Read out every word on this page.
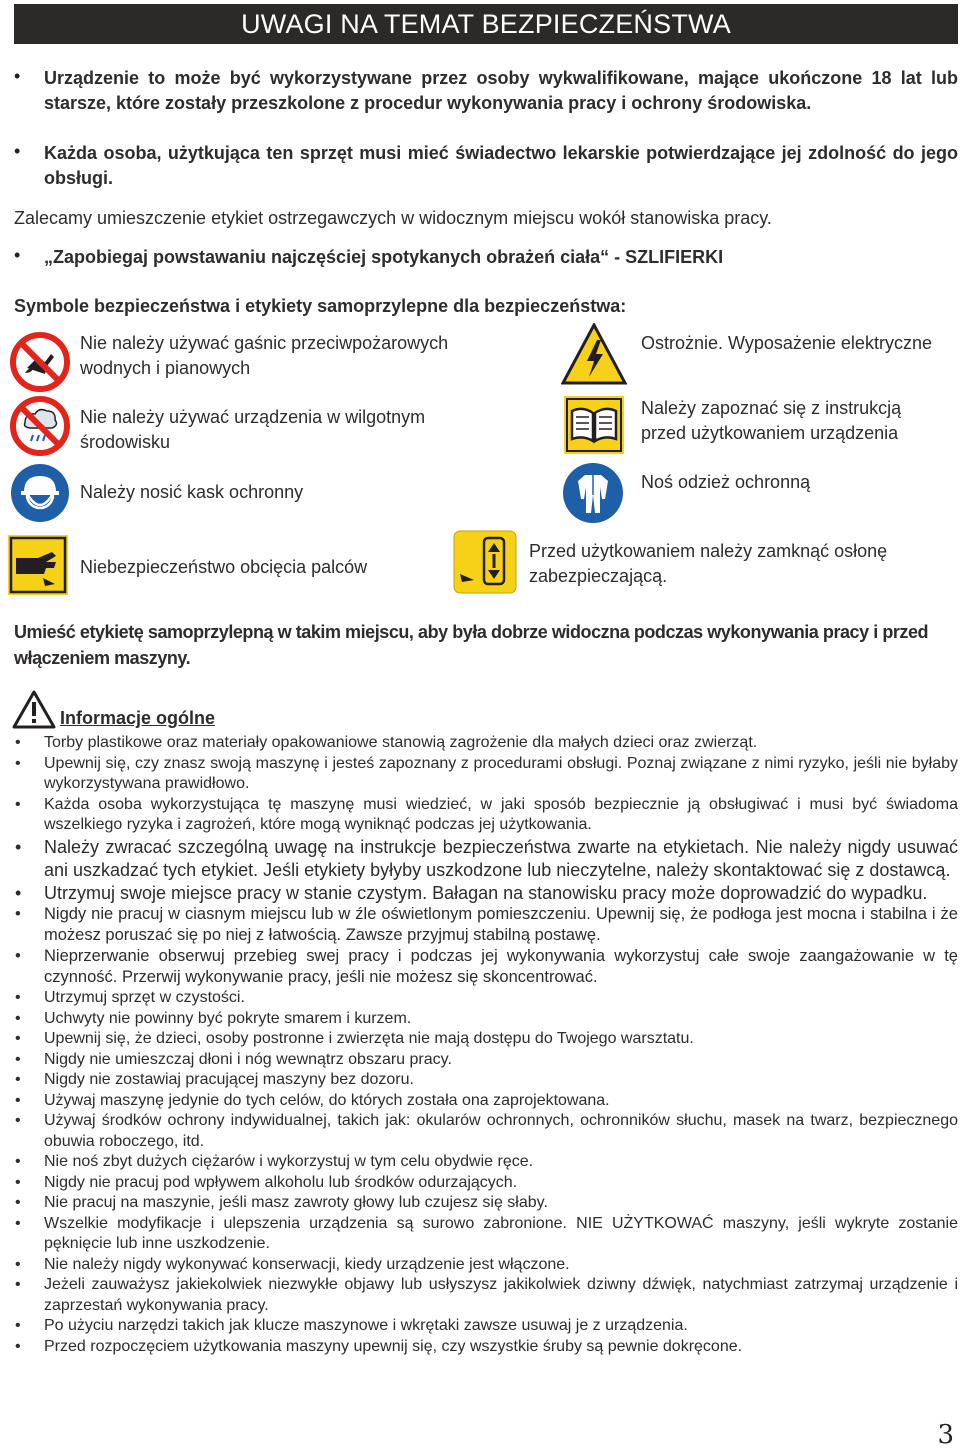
UWAGI NA TEMAT BEZPIECZEŃSTWA
• Urządzenie to może być wykorzystywane przez osoby wykwalifikowane, mające ukończone 18 lat lub starsze, które zostały przeszkolone z procedur wykonywania pracy i ochrony środowiska.
• Każda osoba, użytkująca ten sprzęt musi mieć świadectwo lekarskie potwierdzające jej zdolność do jego obsługi.
Zalecamy umieszczenie etykiet ostrzegawczych w widocznym miejscu wokół stanowiska pracy.
• „Zapobiegaj powstawaniu najczęściej spotykanych obrażeń ciała“ - SZLIFIERKI
Symbole bezpieczeństwa i etykiety samoprzylepne dla bezpieczeństwa:
Nie należy używać gaśnic przeciwpożarowych wodnych i pianowych
Nie należy używać urządzenia w wilgotnym środowisku
Należy nosić kask ochronny
Niebezpieczeństwo obcięcia palców
Ostrożnie. Wyposażenie elektryczne
Należy zapoznać się z instrukcją przed użytkowaniem urządzenia
Noś odzież ochronną
Przed użytkowaniem należy zamknąć osłonę zabezpieczającą.
Umieść etykietę samoprzylepną w takim miejscu, aby była dobrze widoczna podczas wykonywania pracy i przed włączeniem maszyny.
Informacje ogólne
• Torby plastikowe oraz materiały opakowaniowe stanowią zagrożenie dla małych dzieci oraz zwierząt.
• Upewnij się, czy znasz swoją maszynę i jesteś zapoznany z procedurami obsługi. Poznaj związane z nimi ryzyko, jeśli nie byłaby wykorzystywana prawidłowo.
• Każda osoba wykorzystująca tę maszynę musi wiedzieć, w jaki sposób bezpiecznie ją obsługiwać i musi być świadoma wszelkiego ryzyka i zagrożeń, które mogą wyniknąć podczas jej użytkowania.
• Należy zwracać szczególną uwagę na instrukcje bezpieczeństwa zwarte na etykietach. Nie należy nigdy usuwać ani uszkadzać tych etykiet. Jeśli etykiety byłyby uszkodzone lub nieczytelne, należy skontaktować się z dostawcą.
• Utrzymuj swoje miejsce pracy w stanie czystym. Bałagan na stanowisku pracy może doprowadzić do wypadku.
• Nigdy nie pracuj w ciasnym miejscu lub w źle oświetlonym pomieszczeniu. Upewnij się, że podłoga jest mocna i stabilna i że możesz poruszać się po niej z łatwością. Zawsze przyjmuj stabilną postawę.
• Nieprzerwanie obserwuj przebieg swej pracy i podczas jej wykonywania wykorzystuj całe swoje zaangażowanie w tę czynność. Przerwij wykonywanie pracy, jeśli nie możesz się skoncentrować.
• Utrzymuj sprzęt w czystości.
• Uchwyty nie powinny być pokryte smarem i kurzem.
• Upewnij się, że dzieci, osoby postronne i zwierzęta nie mają dostępu do Twojego warsztatu.
• Nigdy nie umieszczaj dłoni i nóg wewnątrz obszaru pracy.
• Nigdy nie zostawiaj pracującej maszyny bez dozoru.
• Używaj maszynę jedynie do tych celów, do których została ona zaprojektowana.
• Używaj środków ochrony indywidualnej, takich jak: okularów ochronnych, ochronników słuchu, masek na twarz, bezpiecznego obuwia roboczego, itd.
• Nie noś zbyt dużych ciężarów i wykorzystuj w tym celu obydwie ręce.
• Nigdy nie pracuj pod wpływem alkoholu lub środków odurzających.
• Nie pracuj na maszynie, jeśli masz zawroty głowy lub czujesz się słaby.
• Wszelkie modyfikacje i ulepszenia urządzenia są surowo zabronione. NIE UŻYTKOWAĆ maszyny, jeśli wykryte zostanie pęknięcie lub inne uszkodzenie.
• Nie należy nigdy wykonywać konserwacji, kiedy urządzenie jest włączone.
• Jeżeli zauważysz jakiekolwiek niezwykłe objawy lub usłyszysz jakikolwiek dziwny dźwięk, natychmiast zatrzymaj urządzenie i zaprzestań wykonywania pracy.
• Po użyciu narzędzi takich jak klucze maszynowe i wkrętaki zawsze usuwaj je z urządzenia.
• Przed rozpoczęciem użytkowania maszyny upewnij się, czy wszystkie śruby są pewnie dokręcone.
3
